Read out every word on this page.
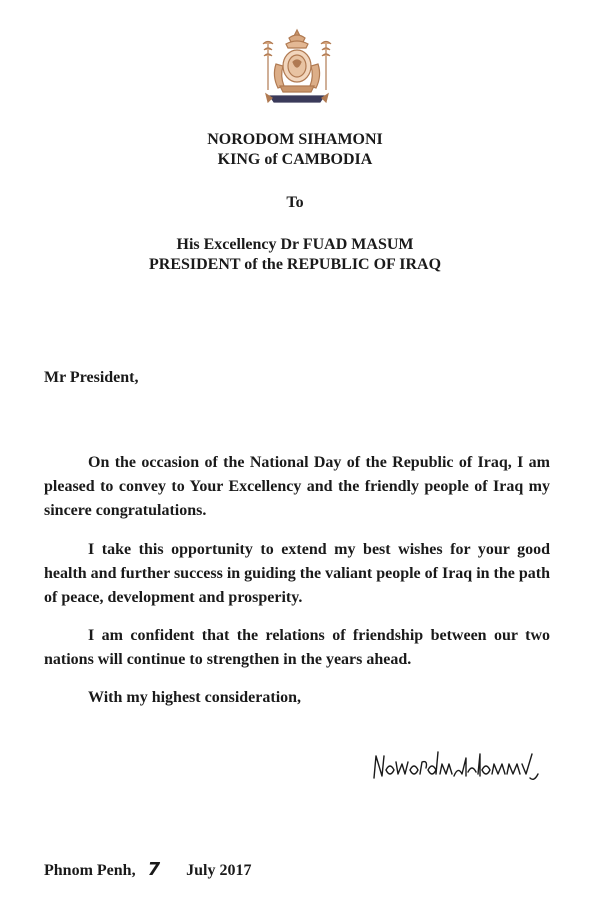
NORODOM SIHAMONI
KING of CAMBODIA
To
His Excellency Dr FUAD MASUM
PRESIDENT of the REPUBLIC OF IRAQ
Mr President,
On the occasion of the National Day of the Republic of Iraq, I am pleased to convey to Your Excellency and the friendly people of Iraq my sincere congratulations.
I take this opportunity to extend my best wishes for your good health and further success in guiding the valiant people of Iraq in the path of peace, development and prosperity.
I am confident that the relations of friendship between our two nations will continue to strengthen in the years ahead.
With my highest consideration,
Phnom Penh, 7 July 2017
